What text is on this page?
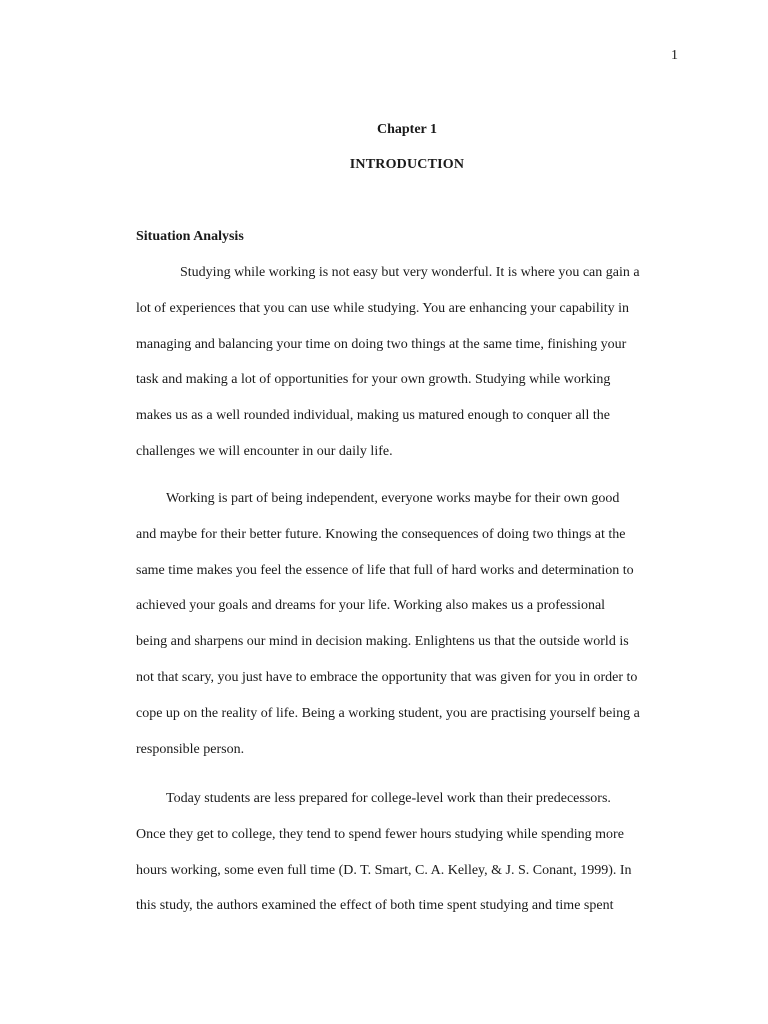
1
Chapter 1
INTRODUCTION
Situation Analysis
Studying while working is not easy but very wonderful. It is where you can gain a
lot of experiences that you can use while studying. You are enhancing your capability in
managing and balancing your time on doing two things at the same time, finishing your
task and making a lot of opportunities for your own growth. Studying while working
makes us as a well rounded individual, making us matured enough to conquer all the
challenges we will encounter in our daily life.
Working is part of being independent, everyone works maybe for their own good
and maybe for their better future. Knowing the consequences of doing two things at the
same time makes you feel the essence of life that full of hard works and determination to
achieved your goals and dreams for your life. Working also makes us a professional
being and sharpens our mind in decision making. Enlightens us that the outside world is
not that scary, you just have to embrace the opportunity that was given for you in order to
cope up on the reality of life. Being a working student, you are practising yourself being a
responsible person.
Today students are less prepared for college-level work than their predecessors.
Once they get to college, they tend to spend fewer hours studying while spending more
hours working, some even full time (D. T. Smart, C. A. Kelley, & J. S. Conant, 1999). In
this study, the authors examined the effect of both time spent studying and time spent
